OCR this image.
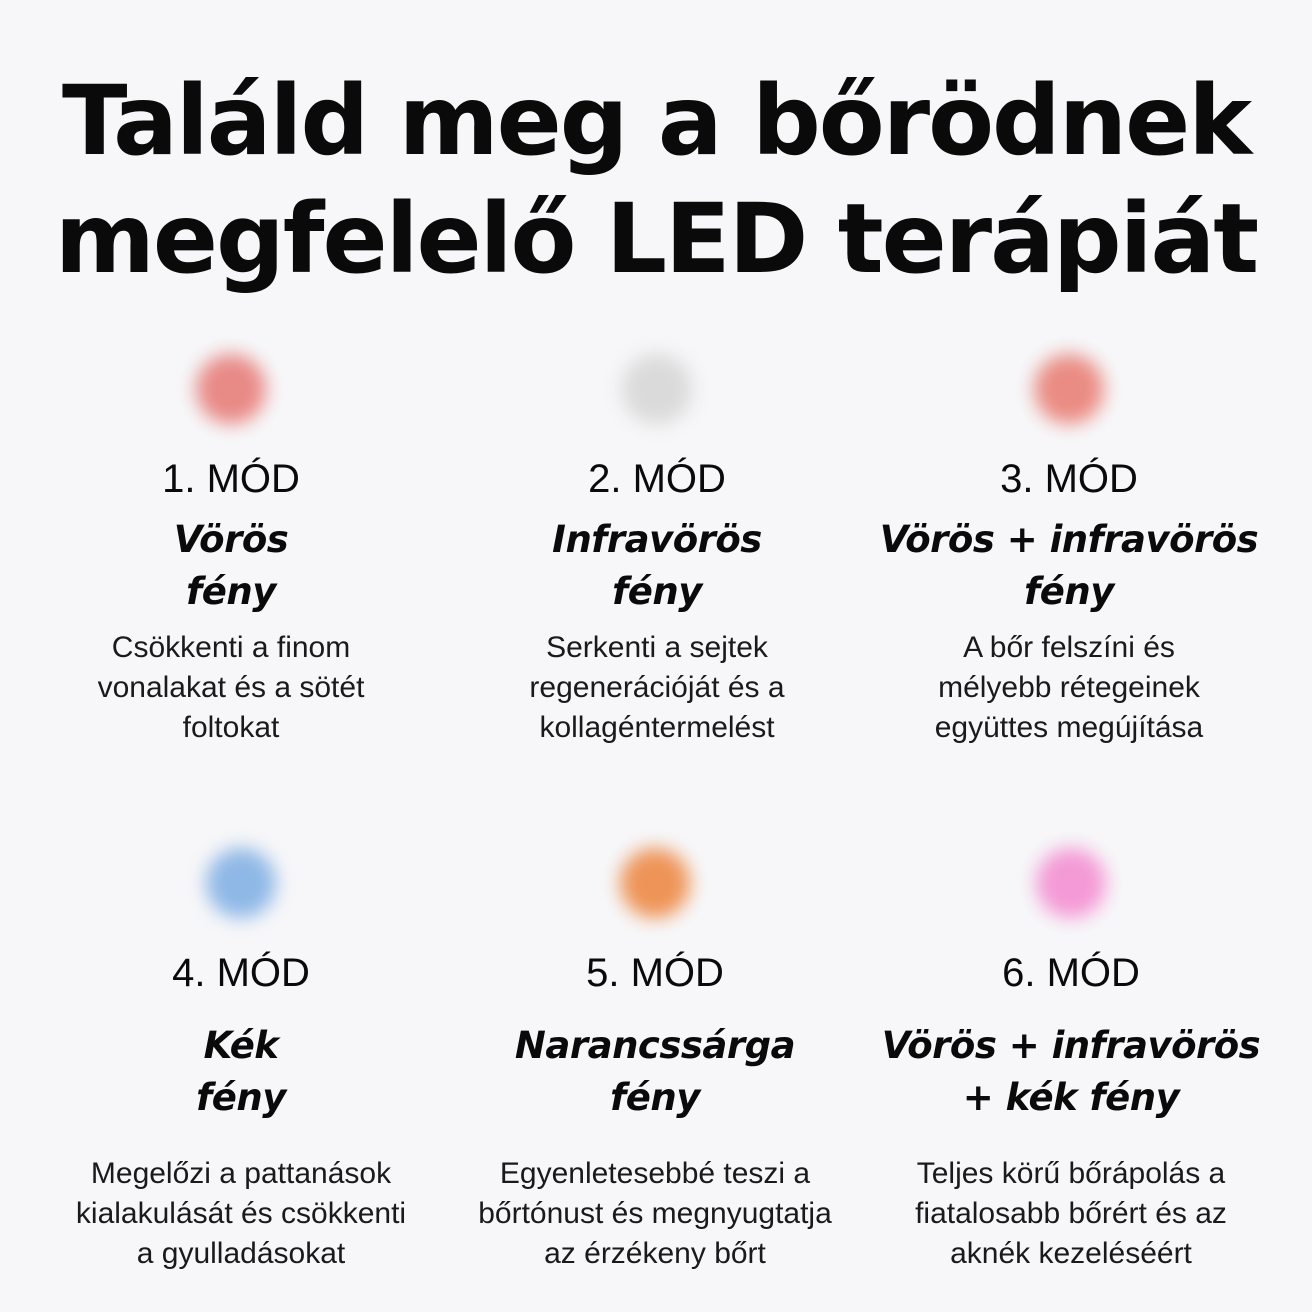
Találd meg a bőrödnek
megfelelő LED terápiát
1. MÓD
Vörös
fény
Csökkenti a finom
vonalakat és a sötét
foltokat
2. MÓD
Infravörös
fény
Serkenti a sejtek
regenerációját és a
kollagéntermelést
3. MÓD
Vörös + infravörös
fény
A bőr felszíni és
mélyebb rétegeinek
együttes megújítása
4. MÓD
Kék
fény
Megelőzi a pattanások
kialakulását és csökkenti
a gyulladásokat
5. MÓD
Narancssárga
fény
Egyenletesebbé teszi a
bőrtónust és megnyugtatja
az érzékeny bőrt
6. MÓD
Vörös + infravörös
+ kék fény
Teljes körű bőrápolás a
fiatalosabb bőrért és az
aknék kezeléséért
